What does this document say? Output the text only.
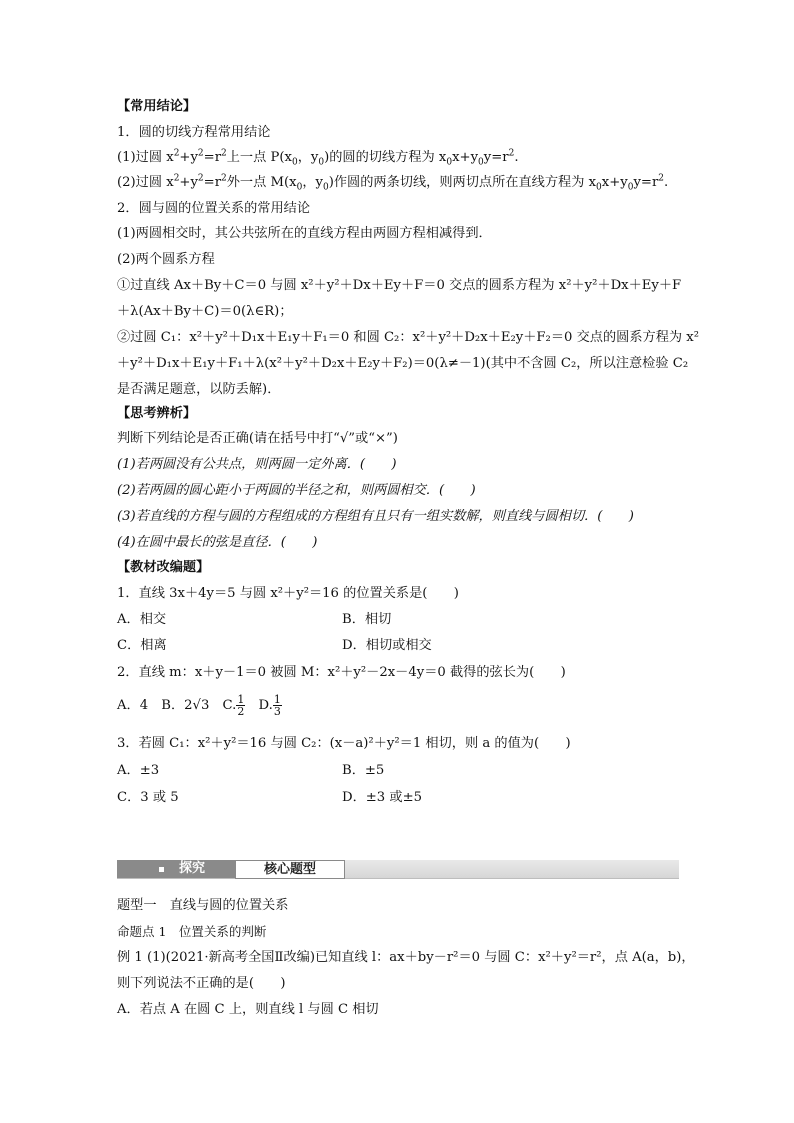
【常用结论】
1．圆的切线方程常用结论
(1)过圆 $x^2+y^2=r^2$上一点 $P(x_0$，$y_0$)的圆的切线方程为 $x_0x+y_0y=r^2$.
(2)过圆 $x^2+y^2=r^2$外一点 $M(x_0$，$y_0$)作圆的两条切线，则两切点所在直线方程为 $x_0x+y_0y=r^2$.
2．圆与圆的位置关系的常用结论
(1)两圆相交时，其公共弦所在的直线方程由两圆方程相减得到．
(2)两个圆系方程
①过直线 Ax＋By＋C＝0 与圆 x²＋y²＋Dx＋Ey＋F＝0 交点的圆系方程为 x²＋y²＋Dx＋Ey＋F
＋λ(Ax＋By＋C)＝0(λ∈R)；
②过圆 C₁：x²＋y²＋D₁x＋E₁y＋F₁＝0 和圆 C₂：x²＋y²＋D₂x＋E₂y＋F₂＝0 交点的圆系方程为 x²
＋y²＋D₁x＋E₁y＋F₁＋λ(x²＋y²＋D₂x＋E₂y＋F₂)＝0(λ≠－1)(其中不含圆 C₂，所以注意检验 C₂
是否满足题意，以防丢解)．
【思考辨析】
判断下列结论是否正确(请在括号中打“√”或“×”)
(1)若两圆没有公共点，则两圆一定外离．(　　)
(2)若两圆的圆心距小于两圆的半径之和，则两圆相交．(　　)
(3)若直线的方程与圆的方程组成的方程组有且只有一组实数解，则直线与圆相切．(　　)
(4)在圆中最长的弦是直径．(　　)
【教材改编题】
1．直线 3x＋4y＝5 与圆 x²＋y²＝16 的位置关系是(　　)
A．相交	B．相切
C．相离	D．相切或相交
2．直线 m：x＋y－1＝0 被圆 M：x²＋y²－2x－4y＝0 截得的弦长为(　　)
A．4　B．2√3　C. $\frac{1}{2}$ 　D. $\frac{1}{3}$
3．若圆 C₁：x²＋y²＝16 与圆 C₂：(x－a)²＋y²＝1 相切，则 a 的值为(　　)
A．±3	B．±5
C．3 或 5	D．±3 或±5
探究	核心题型
题型一　直线与圆的位置关系
命题点 1　位置关系的判断
例 1 (1)(2021·新高考全国Ⅱ改编)已知直线 l：ax＋by－r²＝0 与圆 C：x²＋y²＝r²，点 A(a，b)，
则下列说法不正确的是(　　)
A．若点 A 在圆 C 上，则直线 l 与圆 C 相切
